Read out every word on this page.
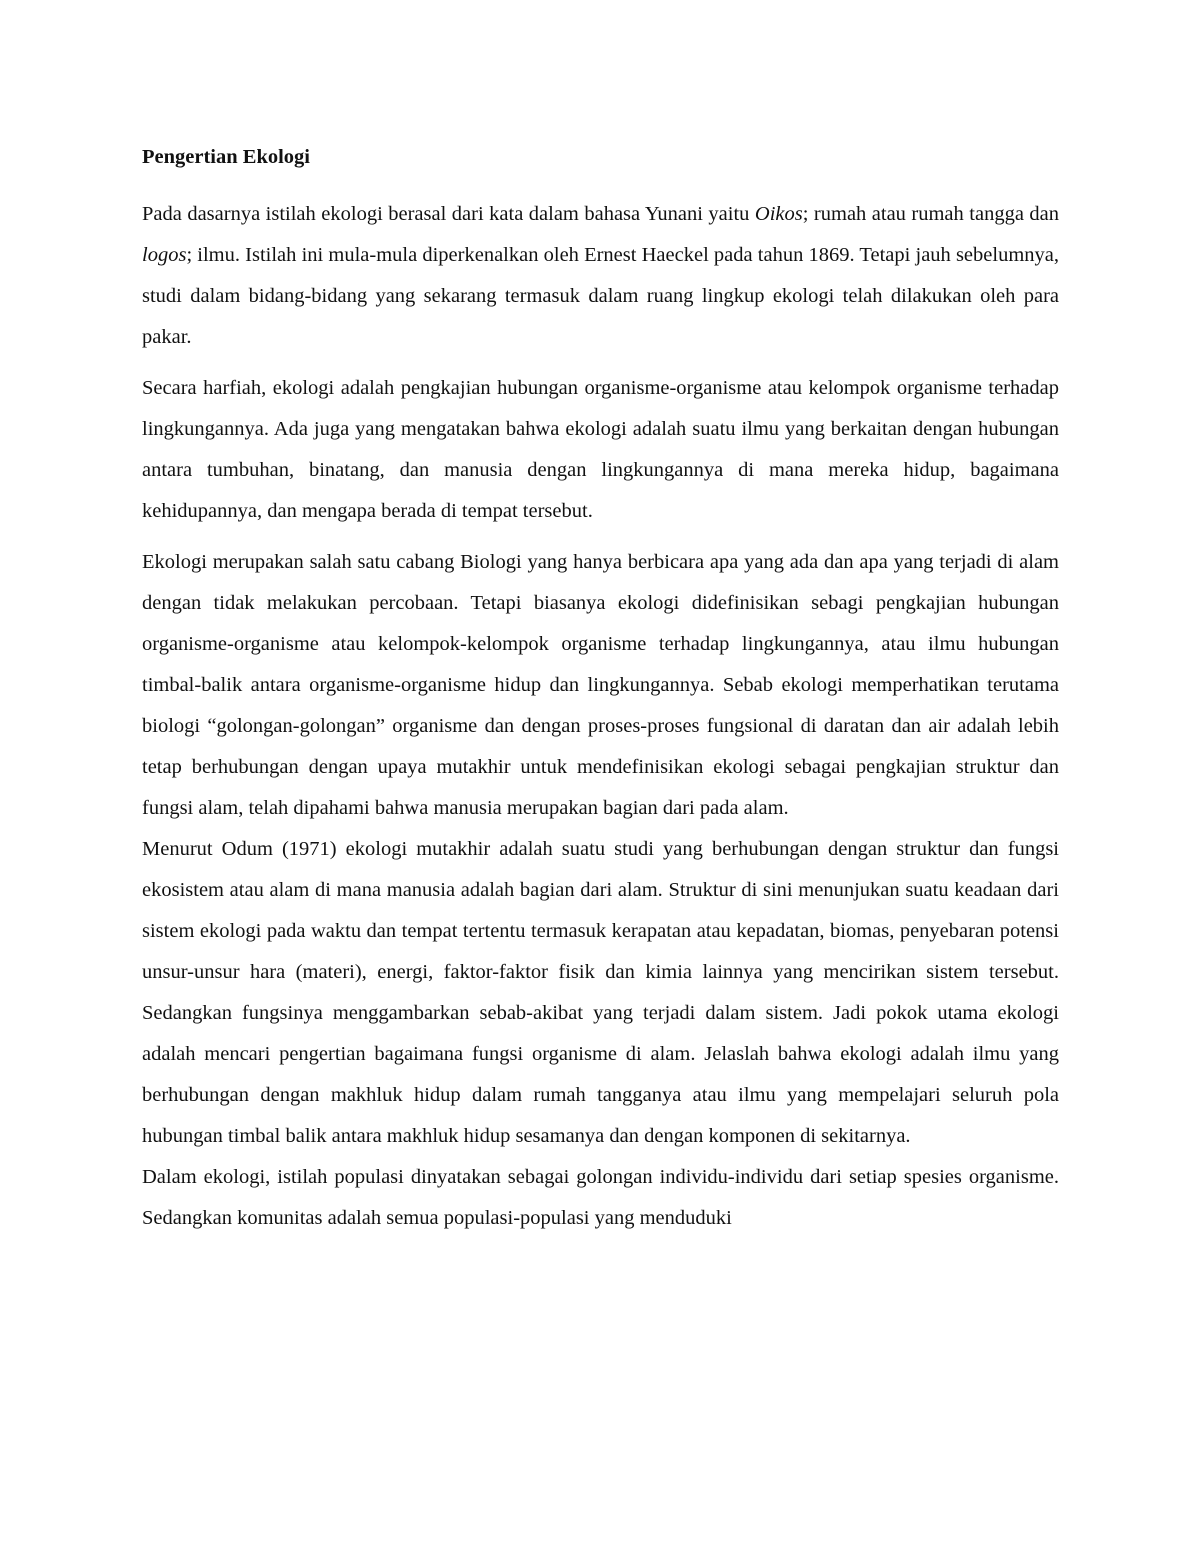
Pengertian Ekologi

Pada dasarnya istilah ekologi berasal dari kata dalam bahasa Yunani yaitu Oikos; rumah atau rumah tangga dan logos; ilmu. Istilah ini mula-mula diperkenalkan oleh Ernest Haeckel pada tahun 1869. Tetapi jauh sebelumnya, studi dalam bidang-bidang yang sekarang termasuk dalam ruang lingkup ekologi telah dilakukan oleh para pakar.

Secara harfiah, ekologi adalah pengkajian hubungan organisme-organisme atau kelompok organisme terhadap lingkungannya. Ada juga yang mengatakan bahwa ekologi adalah suatu ilmu yang berkaitan dengan hubungan antara tumbuhan, binatang, dan manusia dengan lingkungannya di mana mereka hidup, bagaimana kehidupannya, dan mengapa berada di tempat tersebut.

Ekologi merupakan salah satu cabang Biologi yang hanya berbicara apa yang ada dan apa yang terjadi di alam dengan tidak melakukan percobaan. Tetapi biasanya ekologi didefinisikan sebagi pengkajian hubungan organisme-organisme atau kelompok-kelompok organisme terhadap lingkungannya, atau ilmu hubungan timbal-balik antara organisme-organisme hidup dan lingkungannya. Sebab ekologi memperhatikan terutama biologi “golongan-golongan” organisme dan dengan proses-proses fungsional di daratan dan air adalah lebih tetap berhubungan dengan upaya mutakhir untuk mendefinisikan ekologi sebagai pengkajian struktur dan fungsi alam, telah dipahami bahwa manusia merupakan bagian dari pada alam.

Menurut Odum (1971) ekologi mutakhir adalah suatu studi yang berhubungan dengan struktur dan fungsi ekosistem atau alam di mana manusia adalah bagian dari alam. Struktur di sini menunjukan suatu keadaan dari sistem ekologi pada waktu dan tempat tertentu termasuk kerapatan atau kepadatan, biomas, penyebaran potensi unsur-unsur hara (materi), energi, faktor-faktor fisik dan kimia lainnya yang mencirikan sistem tersebut. Sedangkan fungsinya menggambarkan sebab-akibat yang terjadi dalam sistem. Jadi pokok utama ekologi adalah mencari pengertian bagaimana fungsi organisme di alam. Jelaslah bahwa ekologi adalah ilmu yang berhubungan dengan makhluk hidup dalam rumah tangganya atau ilmu yang mempelajari seluruh pola hubungan timbal balik antara makhluk hidup sesamanya dan dengan komponen di sekitarnya.

Dalam ekologi, istilah populasi dinyatakan sebagai golongan individu-individu dari setiap spesies organisme. Sedangkan komunitas adalah semua populasi-populasi yang menduduki
